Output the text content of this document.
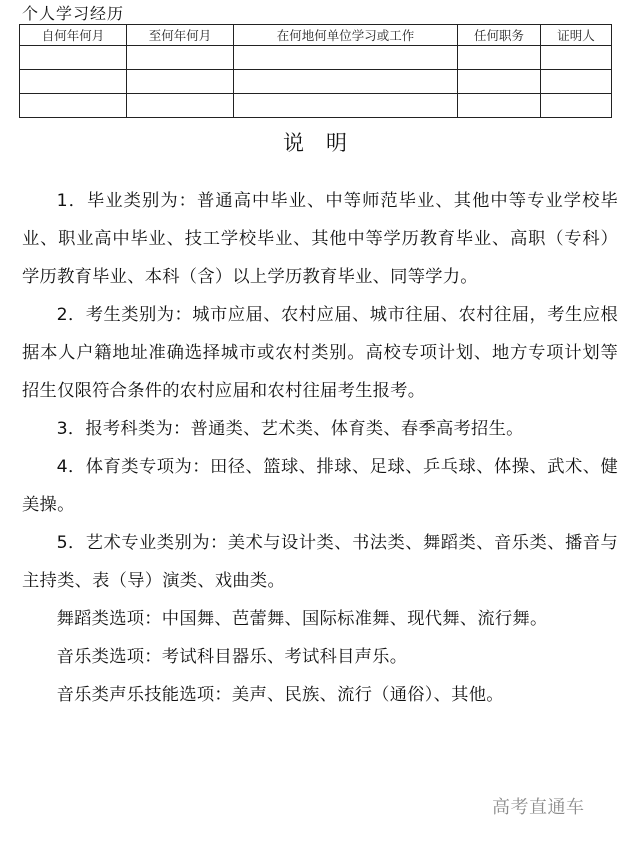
个人学习经历
自何年何月	至何年何月	在何地何单位学习或工作	任何职务	证明人

说明

1．毕业类别为：普通高中毕业、中等师范毕业、其他中等专业学校毕业、职业高中毕业、技工学校毕业、其他中等学历教育毕业、高职（专科）学历教育毕业、本科（含）以上学历教育毕业、同等学力。

2．考生类别为：城市应届、农村应届、城市往届、农村往届，考生应根据本人户籍地址准确选择城市或农村类别。高校专项计划、地方专项计划等招生仅限符合条件的农村应届和农村往届考生报考。

3．报考科类为：普通类、艺术类、体育类、春季高考招生。

4．体育类专项为：田径、篮球、排球、足球、乒乓球、体操、武术、健美操。

5．艺术专业类别为：美术与设计类、书法类、舞蹈类、音乐类、播音与主持类、表（导）演类、戏曲类。

舞蹈类选项：中国舞、芭蕾舞、国际标准舞、现代舞、流行舞。

音乐类选项：考试科目器乐、考试科目声乐。

音乐类声乐技能选项：美声、民族、流行（通俗）、其他。

高考直通车
